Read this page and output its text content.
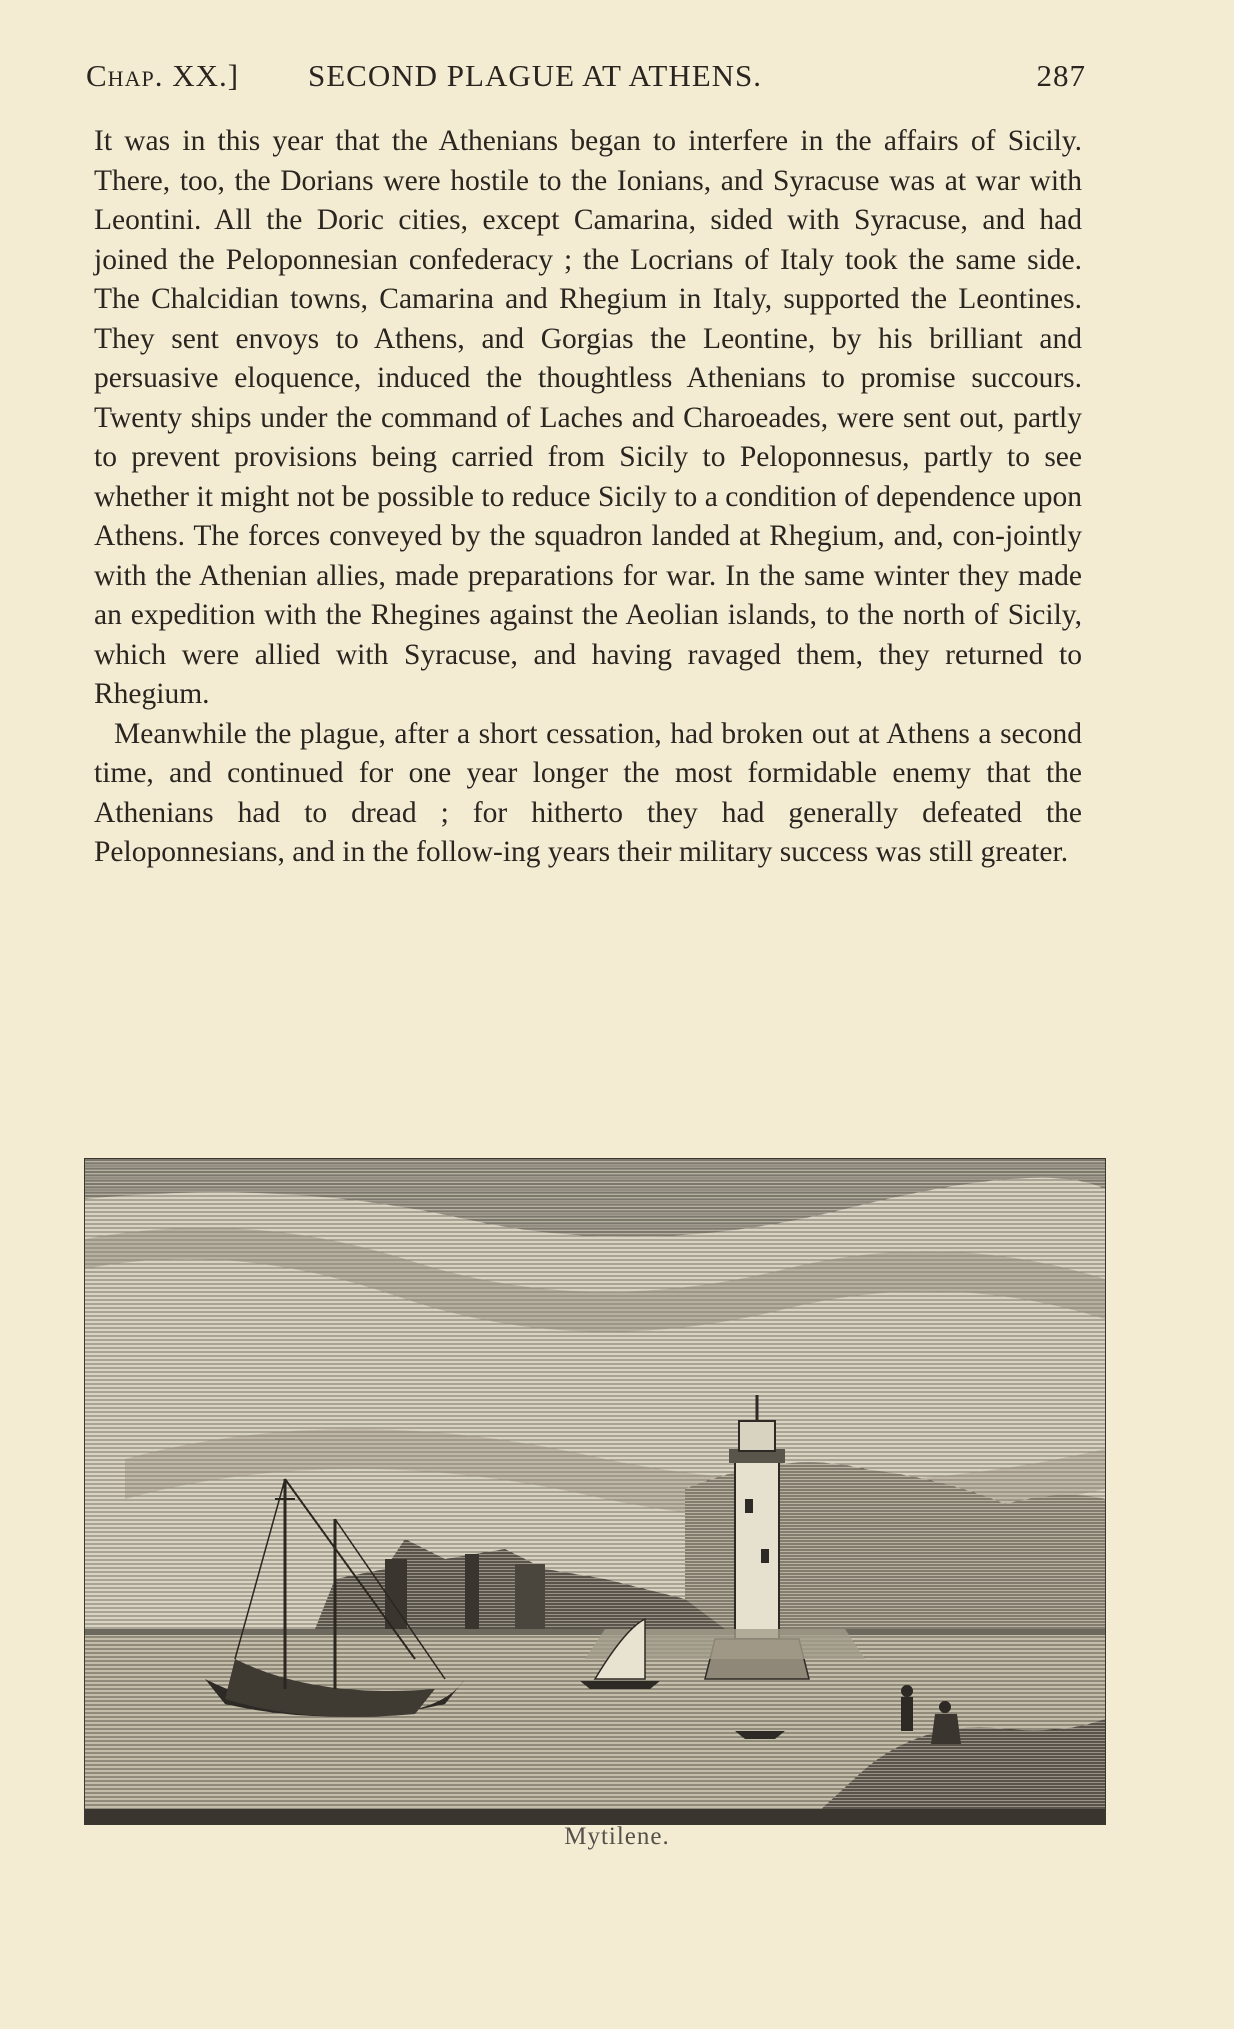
Chap. XX.] SECOND PLAGUE AT ATHENS.	287

It was in this year that the Athenians began to interfere in the affairs of Sicily. There, too, the Dorians were hostile to the Ionians, and Syracuse was at war with Leontini. All the Doric cities, except Camarina, sided with Syracuse, and had joined the Peloponnesian confederacy ; the Locrians of Italy took the same side. The Chalcidian towns, Camarina and Rhegium in Italy, supported the Leontines. They sent envoys to Athens, and Gorgias the Leontine, by his brilliant and persuasive eloquence, induced the thoughtless Athenians to promise succours. Twenty ships under the command of Laches and Charoeades, were sent out, partly to prevent provisions being carried from Sicily to Peloponnesus, partly to see whether it might not be possible to reduce Sicily to a condition of dependence upon Athens. The forces conveyed by the squadron landed at Rhegium, and, con-jointly with the Athenian allies, made preparations for war. In the same winter they made an expedition with the Rhegines against the Aeolian islands, to the north of Sicily, which were allied with Syracuse, and having ravaged them, they returned to Rhegium.

Meanwhile the plague, after a short cessation, had broken out at Athens a second time, and continued for one year longer the most formidable enemy that the Athenians had to dread ; for hitherto they had generally defeated the Peloponnesians, and in the follow-ing years their military success was still greater.

Mytilene.
